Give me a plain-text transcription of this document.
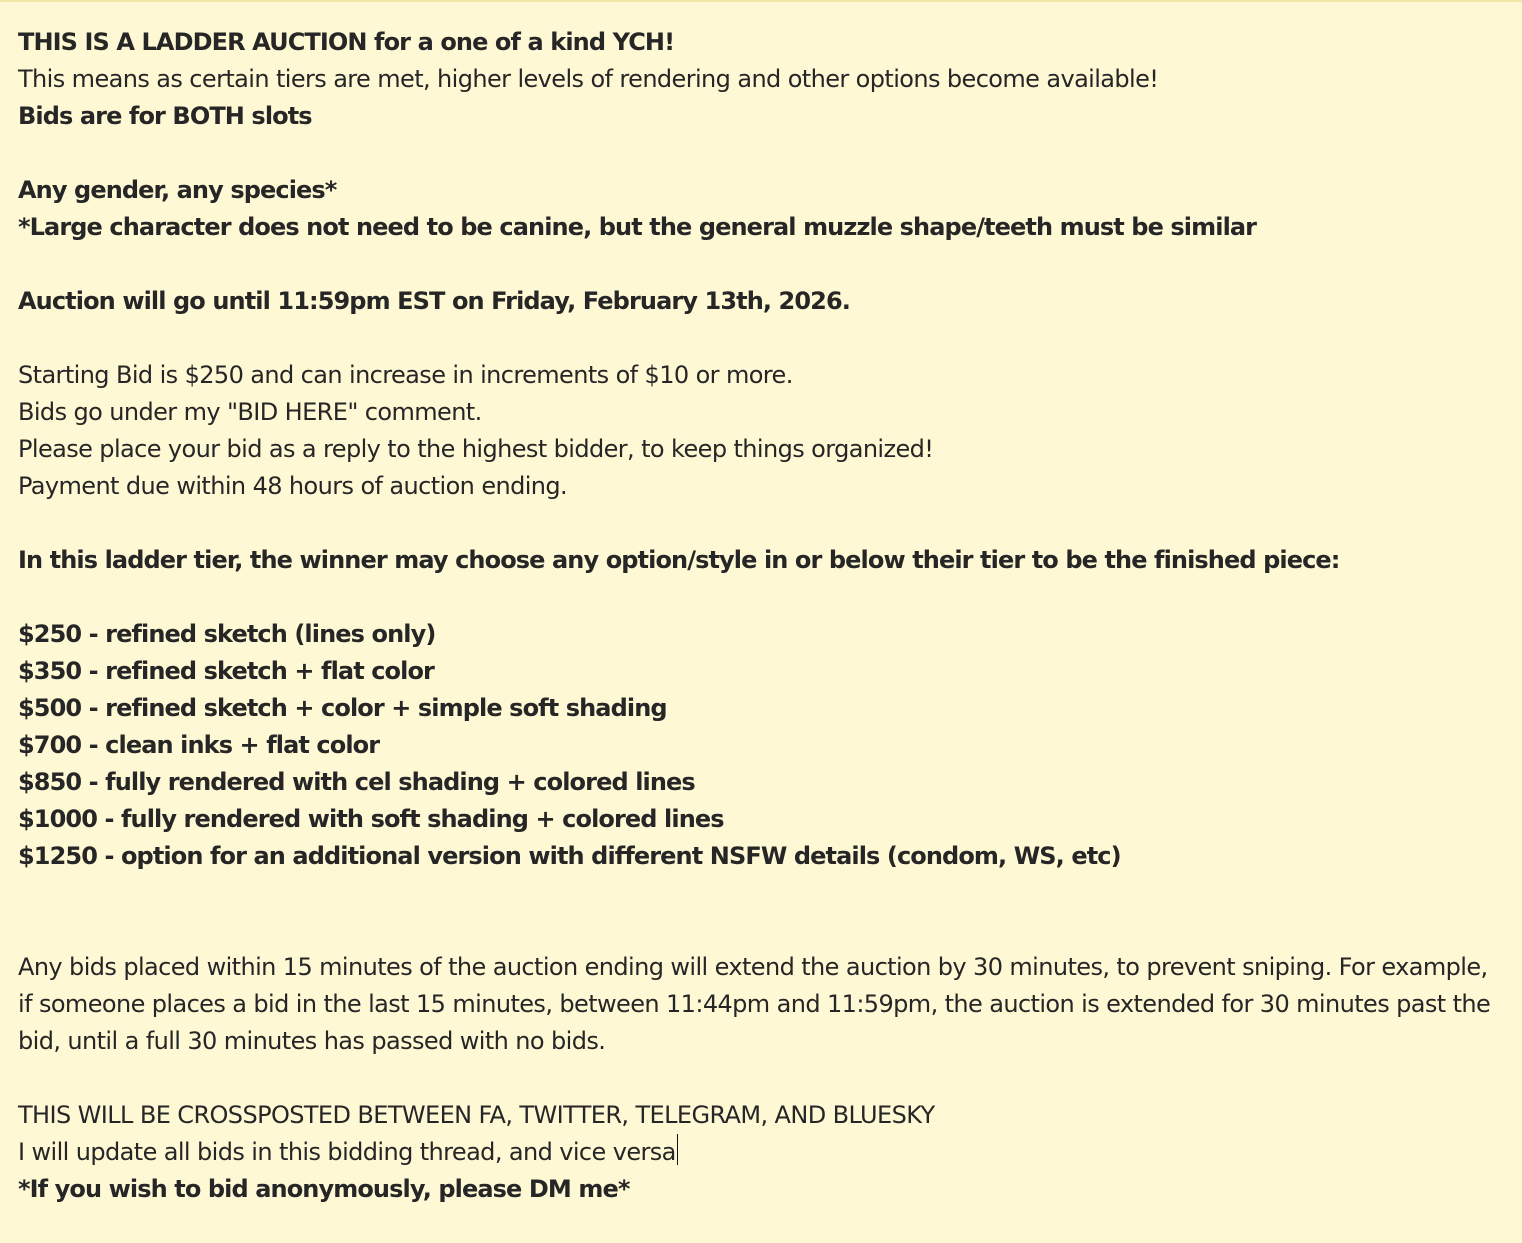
THIS IS A LADDER AUCTION for a one of a kind YCH!
This means as certain tiers are met, higher levels of rendering and other options become available!
Bids are for BOTH slots
Any gender, any species*
*Large character does not need to be canine, but the general muzzle shape/teeth must be similar
Auction will go until 11:59pm EST on Friday, February 13th, 2026.
Starting Bid is $250 and can increase in increments of $10 or more.
Bids go under my "BID HERE" comment.
Please place your bid as a reply to the highest bidder, to keep things organized!
Payment due within 48 hours of auction ending.
In this ladder tier, the winner may choose any option/style in or below their tier to be the finished piece:
$250 - refined sketch (lines only)
$350 - refined sketch + flat color
$500 - refined sketch + color + simple soft shading
$700 - clean inks + flat color
$850 - fully rendered with cel shading + colored lines
$1000 - fully rendered with soft shading + colored lines
$1250 - option for an additional version with different NSFW details (condom, WS, etc)
Any bids placed within 15 minutes of the auction ending will extend the auction by 30 minutes, to prevent sniping. For example, if someone places a bid in the last 15 minutes, between 11:44pm and 11:59pm, the auction is extended for 30 minutes past the bid, until a full 30 minutes has passed with no bids.
THIS WILL BE CROSSPOSTED BETWEEN FA, TWITTER, TELEGRAM, AND BLUESKY
I will update all bids in this bidding thread, and vice versa
*If you wish to bid anonymously, please DM me*
